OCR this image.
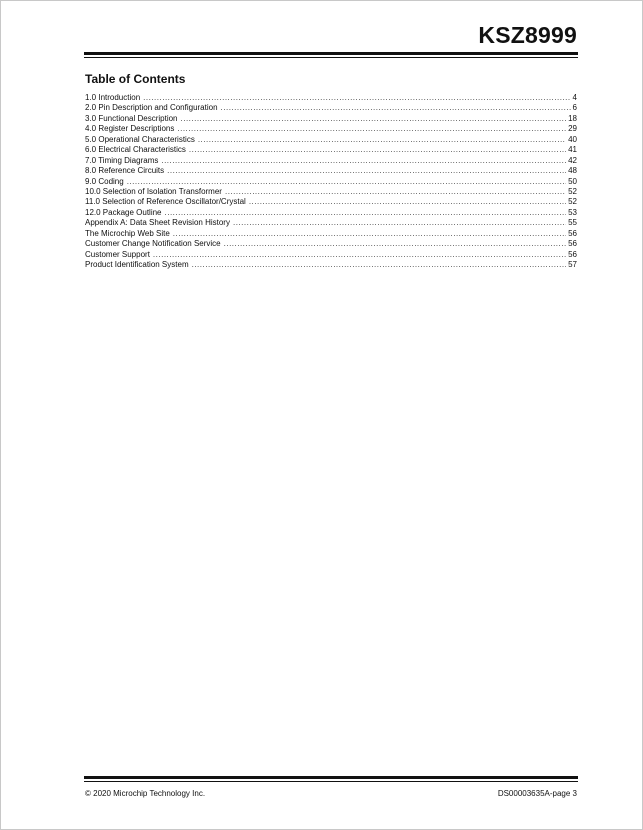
KSZ8999
Table of Contents
1.0 Introduction .....	4
2.0 Pin Description and Configuration .....	6
3.0 Functional Description .....	18
4.0 Register Descriptions .....	29
5.0 Operational Characteristics .....	40
6.0 Electrical Characteristics .....	41
7.0 Timing Diagrams .....	42
8.0 Reference Circuits .....	48
9.0 Coding .....	50
10.0 Selection of Isolation Transformer .....	52
11.0 Selection of Reference Oscillator/Crystal .....	52
12.0 Package Outline .....	53
Appendix A: Data Sheet Revision History .....	55
The Microchip Web Site .....	56
Customer Change Notification Service .....	56
Customer Support .....	56
Product Identification System .....	57
© 2020 Microchip Technology Inc.	DS00003635A-page 3
